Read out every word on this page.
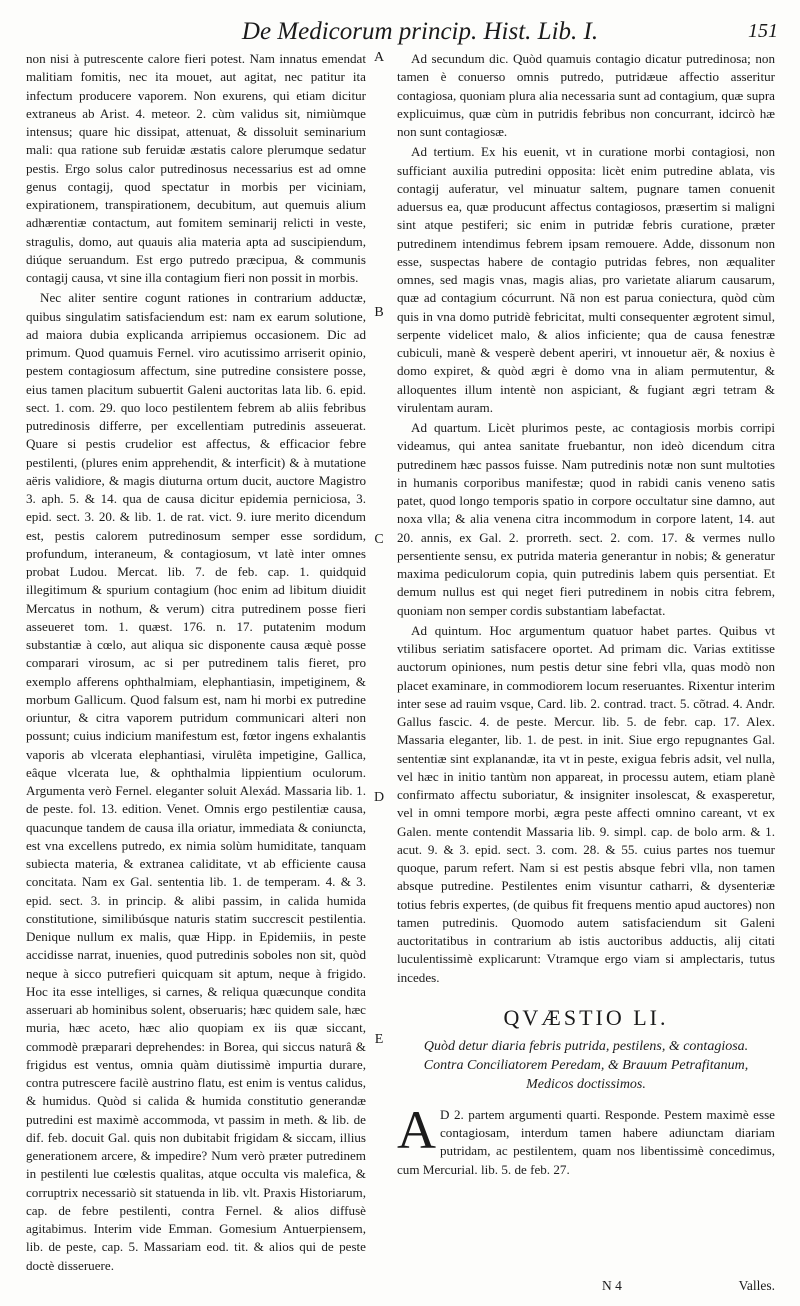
De Medicorum princip. Hist. Lib. I.	151

non nisi à putrescente calore fieri potest. Nam innatus emendat malitiam fomitis, nec ita mouet, aut agitat, nec patitur ita infectum producere vaporem. Non exurens, qui etiam dicitur extraneus ab Arist. 4. meteor. 2. cùm validus sit, nimiùmque intensus; quare hic dissipat, attenuat, & dissoluit seminarium mali: qua ratione sub feruidæ æstatis calore plerumque sedatur pestis. Ergo solus calor putredinosus necessarius est ad omne genus contagij, quod spectatur in morbis per viciniam, expirationem, transpirationem, decubitum, aut quemuis alium adhærentiæ contactum, aut fomitem seminarij relicti in veste, stragulis, domo, aut quauis alia materia apta ad suscipiendum, diúque seruandum. Est ergo putredo præcipua, & communis contagij causa, vt sine illa contagium fieri non possit in morbis.

Nec aliter sentire cogunt rationes in contrarium adductæ, quibus singulatim satisfaciendum est: nam ex earum solutione, ad maiora dubia explicanda arripiemus occasionem. Dic ad primum. Quod quamuis Fernel. viro acutissimo arriserit opinio, pestem contagiosum affectum, sine putredine consistere posse, eius tamen placitum subuertit Galeni auctoritas lata lib. 6. epid. sect. 1. com. 29. quo loco pestilentem febrem ab aliis febribus putredinosis differre, per excellentiam putredinis asseuerat. Quare si pestis crudelior est affectus, & efficacior febre pestilenti, (plures enim apprehendit, & interficit) & à mutatione aëris validiore, & magis diuturna ortum ducit, auctore Magistro 3. aph. 5. & 14. qua de causa dicitur epidemia perniciosa, 3. epid. sect. 3. 20. & lib. 1. de rat. vict. 9. iure merito dicendum est, pestis calorem putredinosum semper esse sordidum, profundum, interaneum, & contagiosum, vt latè inter omnes probat Ludou. Mercat. lib. 7. de feb. cap. 1. quidquid illegitimum & spurium contagium (hoc enim ad libitum diuidit Mercatus in nothum, & verum) citra putredinem posse fieri asseueret tom. 1. quæst. 176. n. 17. putatenim modum substantiæ à cœlo, aut aliqua sic disponente causa æquè posse comparari virosum, ac si per putredinem talis fieret, pro exemplo afferens ophthalmiam, elephantiasin, impetiginem, & morbum Gallicum. Quod falsum est, nam hi morbi ex putredine oriuntur, & citra vaporem putridum communicari alteri non possunt; cuius indicium manifestum est, fœtor ingens exhalantis vaporis ab vlcerata elephantiasi, virulêta impetigine, Gallica, eâque vlcerata lue, & ophthalmia lippientium oculorum. Argumenta verò Fernel. eleganter soluit Alexád. Massaria lib. 1. de peste. fol. 13. edition. Venet. Omnis ergo pestilentiæ causa, quacunque tandem de causa illa oriatur, immediata & coniuncta, est vna excellens putredo, ex nimia solùm humiditate, tanquam subiecta materia, & extranea caliditate, vt ab efficiente causa concitata. Nam ex Gal. sententia lib. 1. de temperam. 4. & 3. epid. sect. 3. in princip. & alibi passim, in calida humida constitutione, similibúsque naturis statim succrescit pestilentia. Denique nullum ex malis, quæ Hipp. in Epidemiis, in peste accidisse narrat, inuenies, quod putredinis soboles non sit, quòd neque à sicco putrefieri quicquam sit aptum, neque à frigido. Hoc ita esse intelliges, si carnes, & reliqua quæcunque condita asseruari ab hominibus solent, obseruaris; hæc quidem sale, hæc muria, hæc aceto, hæc alio quopiam ex iis quæ siccant, commodè præparari deprehendes: in Borea, qui siccus naturâ & frigidus est ventus, omnia quàm diutissimè impurtia durare, contra putrescere facilè austrino flatu, est enim is ventus calidus, & humidus. Quòd si calida & humida constitutio generandæ putredini est maximè accommoda, vt passim in meth. & lib. de dif. feb. docuit Gal. quis non dubitabit frigidam & siccam, illius generationem arcere, & impedire? Num verò præter putredinem in pestilenti lue cœlestis qualitas, atque occulta vis malefica, & corruptrix necessariò sit statuenda in lib. vlt. Praxis Historiarum, cap. de febre pestilenti, contra Fernel. & alios diffusè agitabimus. Interim vide Emman. Gomesium Antuerpiensem, lib. de peste, cap. 5. Massariam eod. tit. & alios qui de peste doctè disseruere.

A
B
C
D
E

Ad secundum dic. Quòd quamuis contagio dicatur putredinosa; non tamen è conuerso omnis putredo, putridæue affectio asseritur contagiosa, quoniam plura alia necessaria sunt ad contagium, quæ supra explicuimus, quæ cùm in putridis febribus non concurrant, idcircò hæ non sunt contagiosæ.

Ad tertium. Ex his euenit, vt in curatione morbi contagiosi, non sufficiant auxilia putredini opposita: licèt enim putredine ablata, vis contagij auferatur, vel minuatur saltem, pugnare tamen conuenit aduersus ea, quæ producunt affectus contagiosos, præsertim si maligni sint atque pestiferi; sic enim in putridæ febris curatione, præter putredinem intendimus febrem ipsam remouere. Adde, dissonum non esse, suspectas habere de contagio putridas febres, non æqualiter omnes, sed magis vnas, magis alias, pro varietate aliarum causarum, quæ ad contagium cócurrunt. Nã non est parua coniectura, quòd cùm quis in vna domo putridè febricitat, multi consequenter ægrotent simul, serpente videlicet malo, & alios inficiente; qua de causa fenestræ cubiculi, manè & vesperè debent aperiri, vt innouetur aër, & noxius è domo expiret, & quòd ægri è domo vna in aliam permutentur, & alloquentes illum intentè non aspiciant, & fugiant ægri tetram & virulentam auram.

Ad quartum. Licèt plurimos peste, ac contagiosis morbis corripi videamus, qui antea sanitate fruebantur, non ideò dicendum citra putredinem hæc passos fuisse. Nam putredinis notæ non sunt multoties in humanis corporibus manifestæ; quod in rabidi canis veneno satis patet, quod longo temporis spatio in corpore occultatur sine damno, aut noxa vlla; & alia venena citra incommodum in corpore latent, 14. aut 20. annis, ex Gal. 2. prorreth. sect. 2. com. 17. & vermes nullo persentiente sensu, ex putrida materia generantur in nobis; & generatur maxima pediculorum copia, quin putredinis labem quis persentiat. Et demum nullus est qui neget fieri putredinem in nobis citra febrem, quoniam non semper cordis substantiam labefactat.

Ad quintum. Hoc argumentum quatuor habet partes. Quibus vt vtilibus seriatim satisfacere oportet. Ad primam dic. Varias extitisse auctorum opiniones, num pestis detur sine febri vlla, quas modò non placet examinare, in commodiorem locum reseruantes. Rixentur interim inter sese ad rauim vsque, Card. lib. 2. contrad. tract. 5. cõtrad. 4. Andr. Gallus fascic. 4. de peste. Mercur. lib. 5. de febr. cap. 17. Alex. Massaria eleganter, lib. 1. de pest. in init. Siue ergo repugnantes Gal. sententiæ sint explanandæ, ita vt in peste, exigua febris adsit, vel nulla, vel hæc in initio tantùm non appareat, in processu autem, etiam planè confirmato affectu suboriatur, & insigniter insolescat, & exasperetur, vel in omni tempore morbi, ægra peste affecti omnino careant, vt ex Galen. mente contendit Massaria lib. 9. simpl. cap. de bolo arm. & 1. acut. 9. & 3. epid. sect. 3. com. 28. & 55. cuius partes nos tuemur quoque, parum refert. Nam si est pestis absque febri vlla, non tamen absque putredine. Pestilentes enim visuntur catharri, & dysenteriæ totius febris expertes, (de quibus fit frequens mentio apud auctores) non tamen putredinis. Quomodo autem satisfaciendum sit Galeni auctoritatibus in contrarium ab istis auctoribus adductis, alij citati luculentissimè explicarunt: Vtramque ergo viam si amplectaris, tutus incedes.

QVÆSTIO LI.
Quòd detur diaria febris putrida, pestilens, & contagiosa. Contra Conciliatorem Peredam, & Brauum Petrafitanum, Medicos doctissimos.

A D 2. partem argumenti quarti. Responde. Pestem maximè esse contagiosam, interdum tamen habere adiunctam diariam putridam, ac pestilentem, quam nos libentissimè concedimus, cum Mercurial. lib. 5. de feb. 27.

N 4	Valles.
